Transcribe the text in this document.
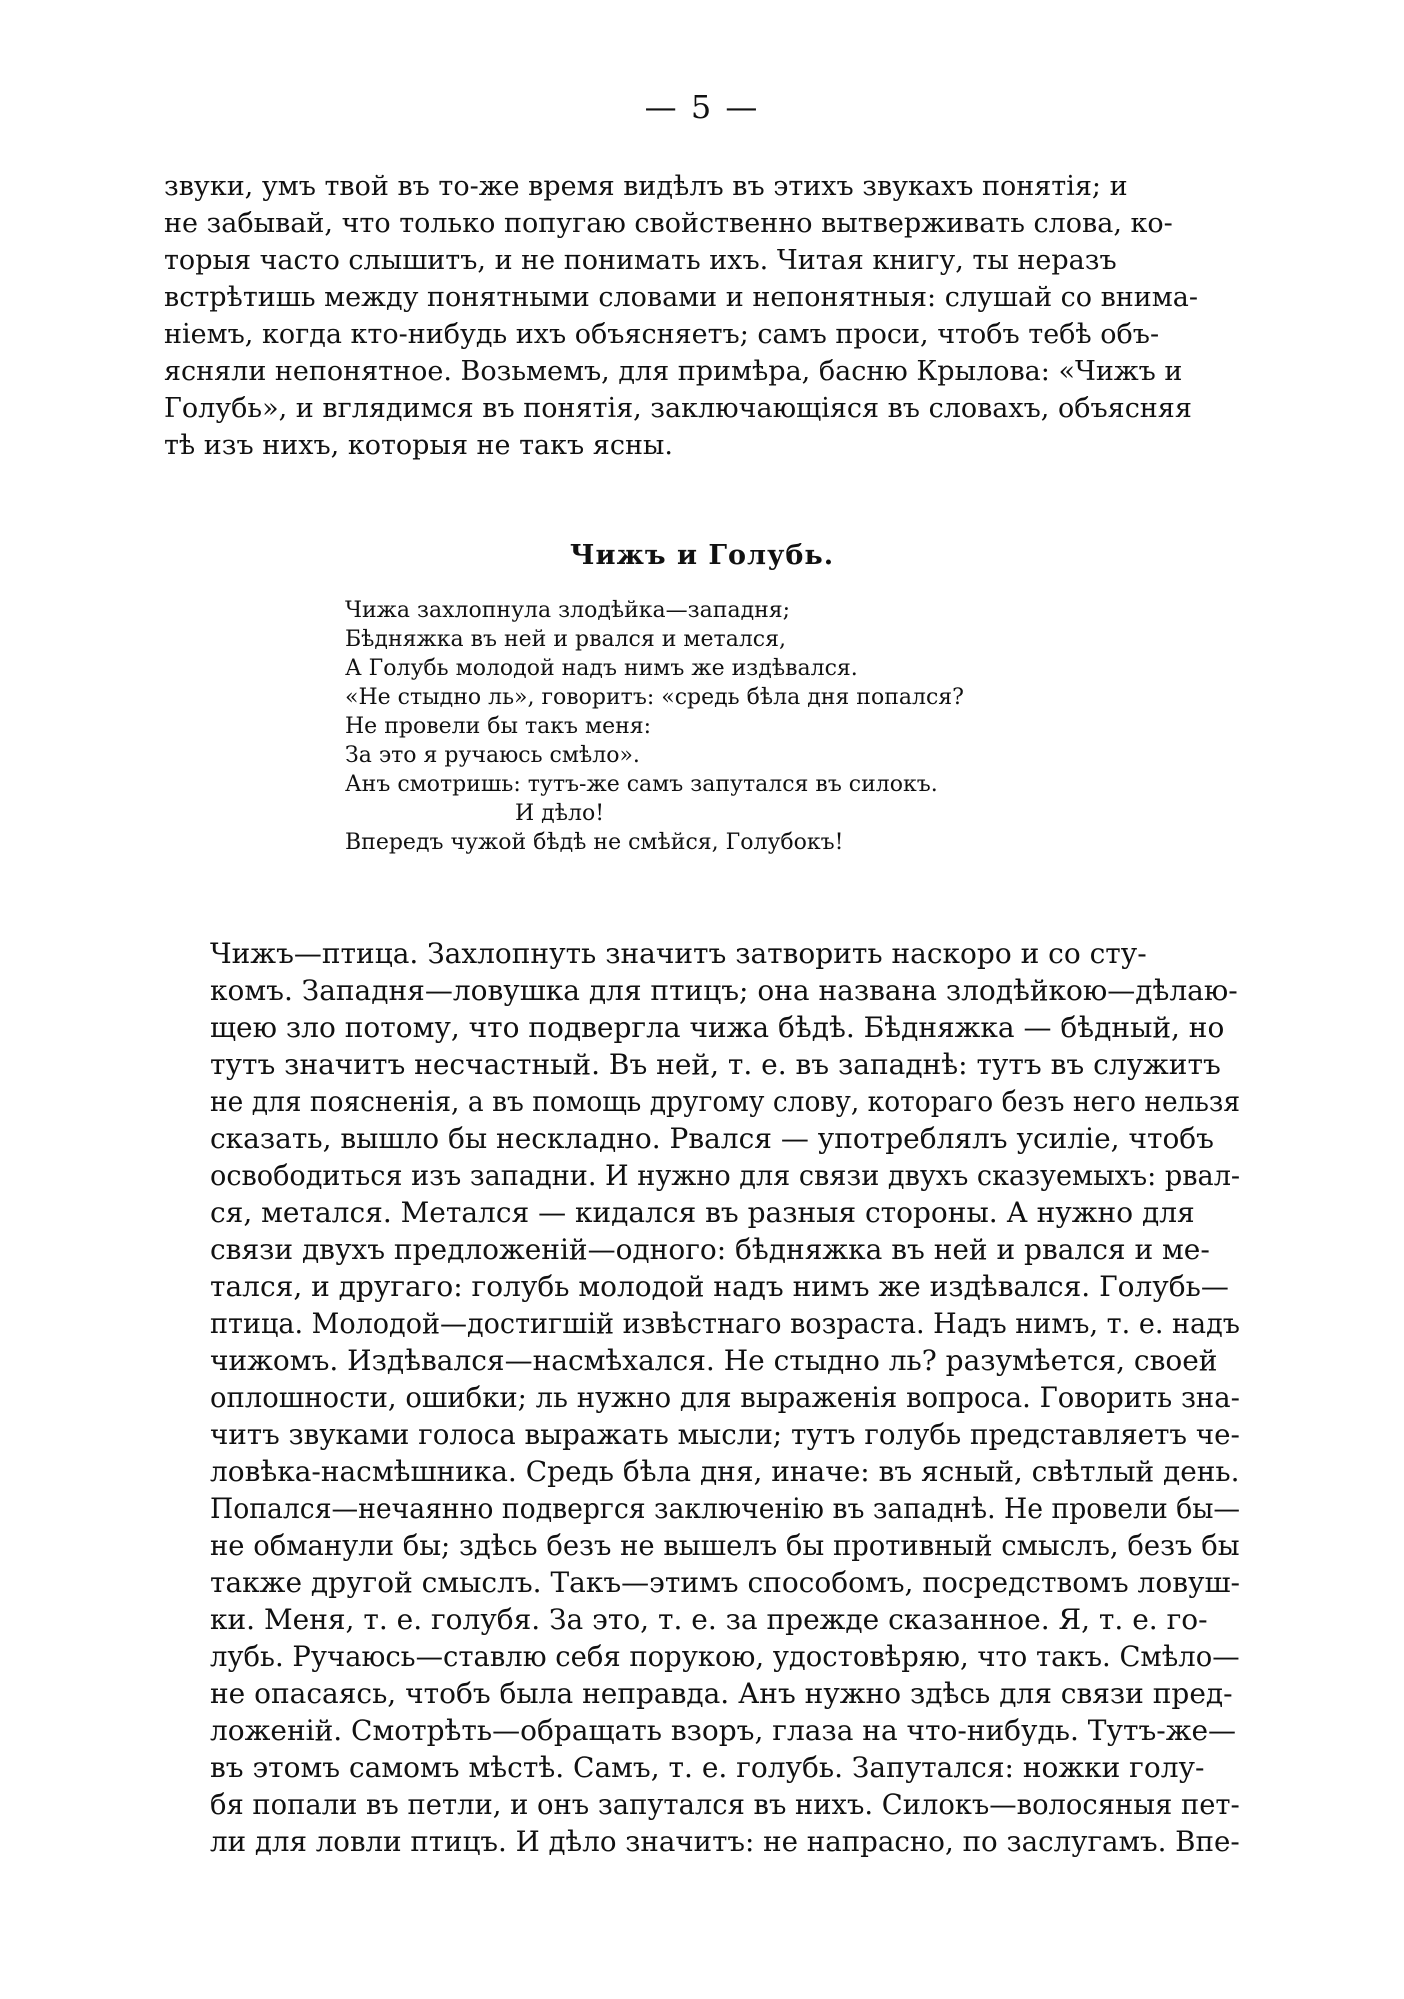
— 5 —
звуки, умъ твой въ то-же время видѣлъ въ этихъ звукахъ понятія; и
не забывай, что только попугаю свойственно вытверживать слова, ко-
торыя часто слышитъ, и не понимать ихъ. Читая книгу, ты неразъ
встрѣтишь между понятными словами и непонятныя: слушай со внима-
ніемъ, когда кто-нибудь ихъ объясняетъ; самъ проси, чтобъ тебѣ объ-
ясняли непонятное. Возьмемъ, для примѣра, басню Крылова: «Чижъ и
Голубь», и вглядимся въ понятія, заключающіяся въ словахъ, объясняя
тѣ изъ нихъ, которыя не такъ ясны.
Чижъ и Голубь.
Чижа захлопнула злодѣйка—западня;
Бѣдняжка въ ней и рвался и метался,
А Голубь молодой надъ нимъ же издѣвался.
«Не стыдно ль», говоритъ: «средь бѣла дня попался?
Не провели бы такъ меня:
За это я ручаюсь смѣло».
Анъ смотришь: тутъ-же самъ запутался въ силокъ.
И дѣло!
Впередъ чужой бѣдѣ не смѣйся, Голубокъ!
Чижъ—птица. Захлопнуть значитъ затворить наскоро и со сту-
комъ. Западня—ловушка для птицъ; она названа злодѣйкою—дѣлаю-
щею зло потому, что подвергла чижа бѣдѣ. Бѣдняжка — бѣдный, но
тутъ значитъ несчастный. Въ ней, т. е. въ западнѣ: тутъ въ служитъ
не для поясненія, а въ помощь другому слову, котораго безъ него нельзя
сказать, вышло бы нескладно. Рвался — употреблялъ усиліе, чтобъ
освободиться изъ западни. И нужно для связи двухъ сказуемыхъ: рвал-
ся, метался. Метался — кидался въ разныя стороны. А нужно для
связи двухъ предложеній—одного: бѣдняжка въ ней и рвался и ме-
тался, и другаго: голубь молодой надъ нимъ же издѣвался. Голубь—
птица. Молодой—достигшій извѣстнаго возраста. Надъ нимъ, т. е. надъ
чижомъ. Издѣвался—насмѣхался. Не стыдно ль? разумѣется, своей
оплошности, ошибки; ль нужно для выраженія вопроса. Говорить зна-
читъ звуками голоса выражать мысли; тутъ голубь представляетъ че-
ловѣка-насмѣшника. Средь бѣла дня, иначе: въ ясный, свѣтлый день.
Попался—нечаянно подвергся заключенію въ западнѣ. Не провели бы—
не обманули бы; здѣсь безъ не вышелъ бы противный смыслъ, безъ бы
также другой смыслъ. Такъ—этимъ способомъ, посредствомъ ловуш-
ки. Меня, т. е. голубя. За это, т. е. за прежде сказанное. Я, т. е. го-
лубь. Ручаюсь—ставлю себя порукою, удостовѣряю, что такъ. Смѣло—
не опасаясь, чтобъ была неправда. Анъ нужно здѣсь для связи пред-
ложеній. Смотрѣть—обращать взоръ, глаза на что-нибудь. Тутъ-же—
въ этомъ самомъ мѣстѣ. Самъ, т. е. голубь. Запутался: ножки голу-
бя попали въ петли, и онъ запутался въ нихъ. Силокъ—волосяныя пет-
ли для ловли птицъ. И дѣло значитъ: не напрасно, по заслугамъ. Впе-
